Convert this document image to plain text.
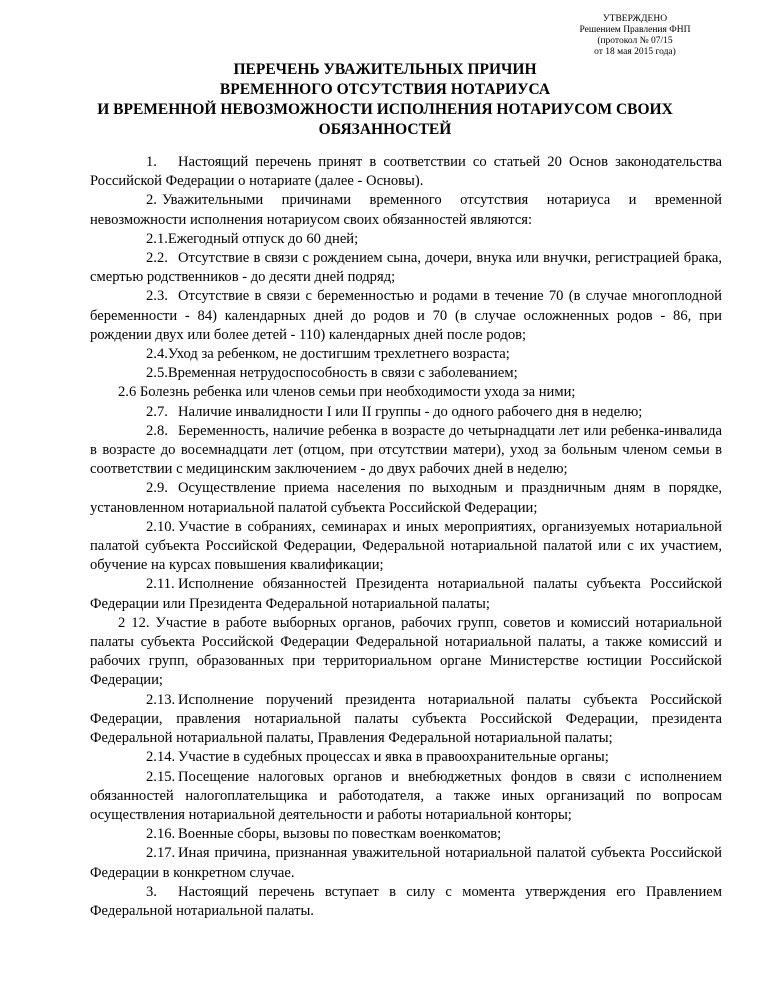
УТВЕРЖДЕНО
Решением Правления ФНП
(протокол № 07/15
от 18 мая 2015 года)
ПЕРЕЧЕНЬ УВАЖИТЕЛЬНЫХ ПРИЧИН
ВРЕМЕННОГО ОТСУТСТВИЯ НОТАРИУСА
И ВРЕМЕННОЙ НЕВОЗМОЖНОСТИ ИСПОЛНЕНИЯ НОТАРИУСОМ СВОИХ
ОБЯЗАННОСТЕЙ

1. Настоящий перечень принят в соответствии со статьей 20 Основ законодательства Российской Федерации о нотариате (далее - Основы).

2. Уважительными причинами временного отсутствия нотариуса и временной невозможности исполнения нотариусом своих обязанностей являются:

2.1.Ежегодный отпуск до 60 дней;

2.2. Отсутствие в связи с рождением сына, дочери, внука или внучки, регистрацией брака, смертью родственников - до десяти дней подряд;

2.3. Отсутствие в связи с беременностью и родами в течение 70 (в случае многоплодной беременности - 84) календарных дней до родов и 70 (в случае осложненных родов - 86, при рождении двух или более детей - 110) календарных дней после родов;

2.4.Уход за ребенком, не достигшим трехлетнего возраста;

2.5.Временная нетрудоспособность в связи с заболеванием;

2.6 Болезнь ребенка или членов семьи при необходимости ухода за ними;

2.7. Наличие инвалидности I или II группы - до одного рабочего дня в неделю;

2.8. Беременность, наличие ребенка в возрасте до четырнадцати лет или ребенка-инвалида в возрасте до восемнадцати лет (отцом, при отсутствии матери), уход за больным членом семьи в соответствии с медицинским заключением - до двух рабочих дней в неделю;

2.9. Осуществление приема населения по выходным и праздничным дням в порядке, установленном нотариальной палатой субъекта Российской Федерации;

2.10. Участие в собраниях, семинарах и иных мероприятиях, организуемых нотариальной палатой субъекта Российской Федерации, Федеральной нотариальной палатой или с их участием, обучение на курсах повышения квалификации;

2.11. Исполнение обязанностей Президента нотариальной палаты субъекта Российской Федерации или Президента Федеральной нотариальной палаты;

2 12. Участие в работе выборных органов, рабочих групп, советов и комиссий нотариальной палаты субъекта Российской Федерации Федеральной нотариальной палаты, а также комиссий и рабочих групп, образованных при территориальном органе Министерстве юстиции Российской Федерации;

2.13. Исполнение поручений президента нотариальной палаты субъекта Российской Федерации, правления нотариальной палаты субъекта Российской Федерации, президента Федеральной нотариальной палаты, Правления Федеральной нотариальной палаты;

2.14. Участие в судебных процессах и явка в правоохранительные органы;

2.15. Посещение налоговых органов и внебюджетных фондов в связи с исполнением обязанностей налогоплательщика и работодателя, а также иных организаций по вопросам осуществления нотариальной деятельности и работы нотариальной конторы;

2.16. Военные сборы, вызовы по повесткам военкоматов;

2.17. Иная причина, признанная уважительной нотариальной палатой субъекта Российской Федерации в конкретном случае.

3. Настоящий перечень вступает в силу с момента утверждения его Правлением Федеральной нотариальной палаты.
